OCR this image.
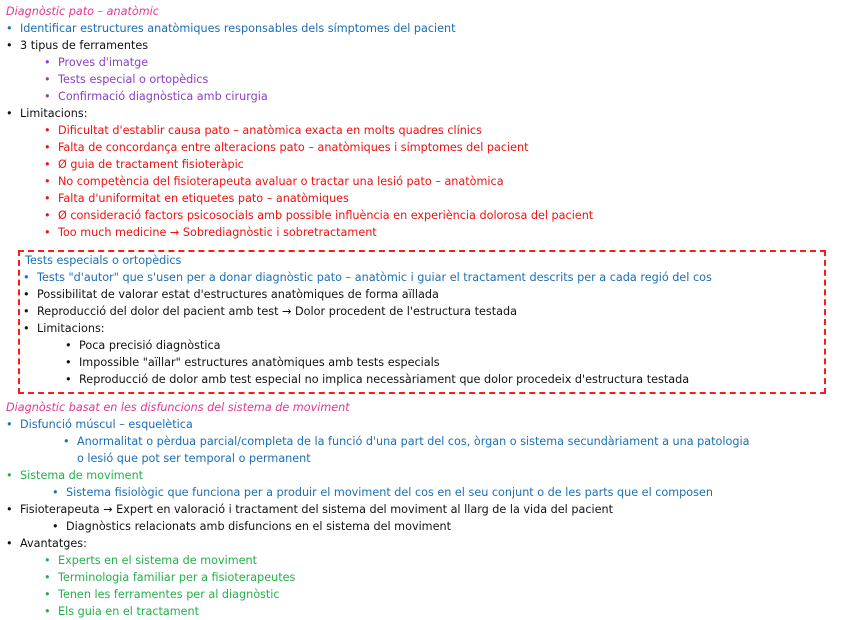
Diagnòstic pato – anatòmic
• Identificar estructures anatòmiques responsables dels símptomes del pacient
• 3 tipus de ferramentes
• Proves d'imatge
• Tests especial o ortopèdics
• Confirmació diagnòstica amb cirurgia
• Limitacions:
• Dificultat d'establir causa pato – anatòmica exacta en molts quadres clínics
• Falta de concordança entre alteracions pato – anatòmiques i símptomes del pacient
• Ø guia de tractament fisioteràpic
• No competència del fisioterapeuta avaluar o tractar una lesió pato – anatòmica
• Falta d'uniformitat en etiquetes pato – anatòmiques
• Ø consideració factors psicosocials amb possible influència en experiència dolorosa del pacient
• Too much medicine → Sobrediagnòstic i sobretractament
Tests especials o ortopèdics
• Tests "d'autor" que s'usen per a donar diagnòstic pato – anatòmic i guiar el tractament descrits per a cada regió del cos
• Possibilitat de valorar estat d'estructures anatòmiques de forma aïllada
• Reproducció del dolor del pacient amb test → Dolor procedent de l'estructura testada
• Limitacions:
• Poca precisió diagnòstica
• Impossible "aïllar" estructures anatòmiques amb tests especials
• Reproducció de dolor amb test especial no implica necessàriament que dolor procedeix d'estructura testada
Diagnòstic basat en les disfuncions del sistema de moviment
• Disfunció múscul – esquelètica
• Anormalitat o pèrdua parcial/completa de la funció d'una part del cos, òrgan o sistema secundàriament a una patologia
o lesió que pot ser temporal o permanent
• Sistema de moviment
• Sistema fisiològic que funciona per a produir el moviment del cos en el seu conjunt o de les parts que el composen
• Fisioterapeuta → Expert en valoració i tractament del sistema del moviment al llarg de la vida del pacient
• Diagnòstics relacionats amb disfuncions en el sistema del moviment
• Avantatges:
• Experts en el sistema de moviment
• Terminologia familiar per a fisioterapeutes
• Tenen les ferramentes per al diagnòstic
• Els guia en el tractament
